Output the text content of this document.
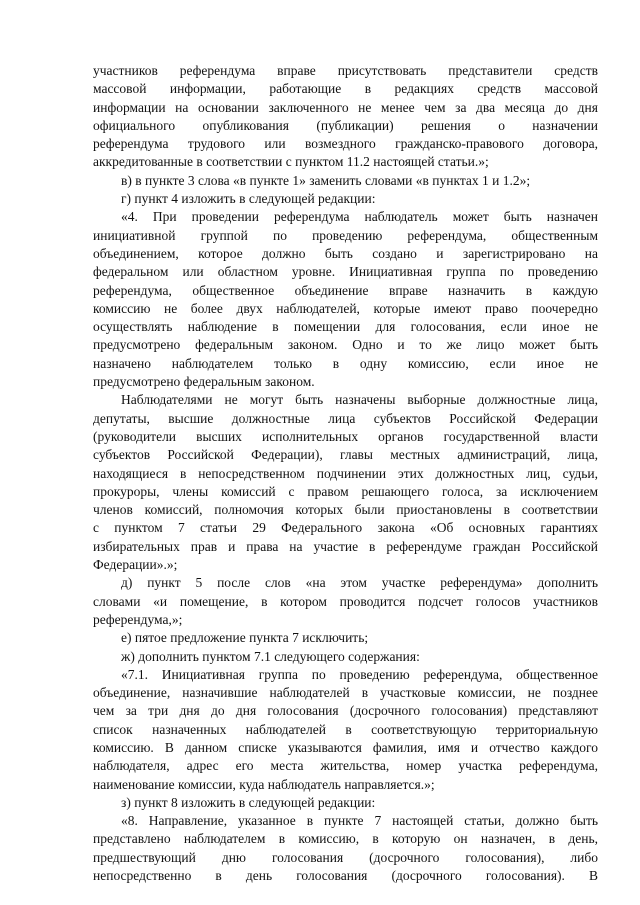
участников референдума вправе присутствовать представители средств

массовой информации, работающие в редакциях средств массовой

информации на основании заключенного не менее чем за два месяца до дня

официального опубликования (публикации) решения о назначении

референдума трудового или возмездного гражданско-правового договора,

аккредитованные в соответствии с пунктом 11.2 настоящей статьи.»;

в) в пункте 3 слова «в пункте 1» заменить словами «в пунктах 1 и 1.2»;

г) пункт 4 изложить в следующей редакции:

«4. При проведении референдума наблюдатель может быть назначен

инициативной группой по проведению референдума, общественным

объединением, которое должно быть создано и зарегистрировано на

федеральном или областном уровне. Инициативная группа по проведению

референдума, общественное объединение вправе назначить в каждую

комиссию не более двух наблюдателей, которые имеют право поочередно

осуществлять наблюдение в помещении для голосования, если иное не

предусмотрено федеральным законом. Одно и то же лицо может быть

назначено наблюдателем только в одну комиссию, если иное не

предусмотрено федеральным законом.

Наблюдателями не могут быть назначены выборные должностные лица,

депутаты, высшие должностные лица субъектов Российской Федерации

(руководители высших исполнительных органов государственной власти

субъектов Российской Федерации), главы местных администраций, лица,

находящиеся в непосредственном подчинении этих должностных лиц, судьи,

прокуроры, члены комиссий с правом решающего голоса, за исключением

членов комиссий, полномочия которых были приостановлены в соответствии

с пунктом 7 статьи 29 Федерального закона «Об основных гарантиях

избирательных прав и права на участие в референдуме граждан Российской

Федерации».»;

д) пункт 5 после слов «на этом участке референдума» дополнить

словами «и помещение, в котором проводится подсчет голосов участников

референдума,»;

е) пятое предложение пункта 7 исключить;

ж) дополнить пунктом 7.1 следующего содержания:

«7.1. Инициативная группа по проведению референдума, общественное

объединение, назначившие наблюдателей в участковые комиссии, не позднее

чем за три дня до дня голосования (досрочного голосования) представляют

список назначенных наблюдателей в соответствующую территориальную

комиссию. В данном списке указываются фамилия, имя и отчество каждого

наблюдателя, адрес его места жительства, номер участка референдума,

наименование комиссии, куда наблюдатель направляется.»;

з) пункт 8 изложить в следующей редакции:

«8. Направление, указанное в пункте 7 настоящей статьи, должно быть

представлено наблюдателем в комиссию, в которую он назначен, в день,

предшествующий дню голосования (досрочного голосования), либо

непосредственно в день голосования (досрочного голосования). В
